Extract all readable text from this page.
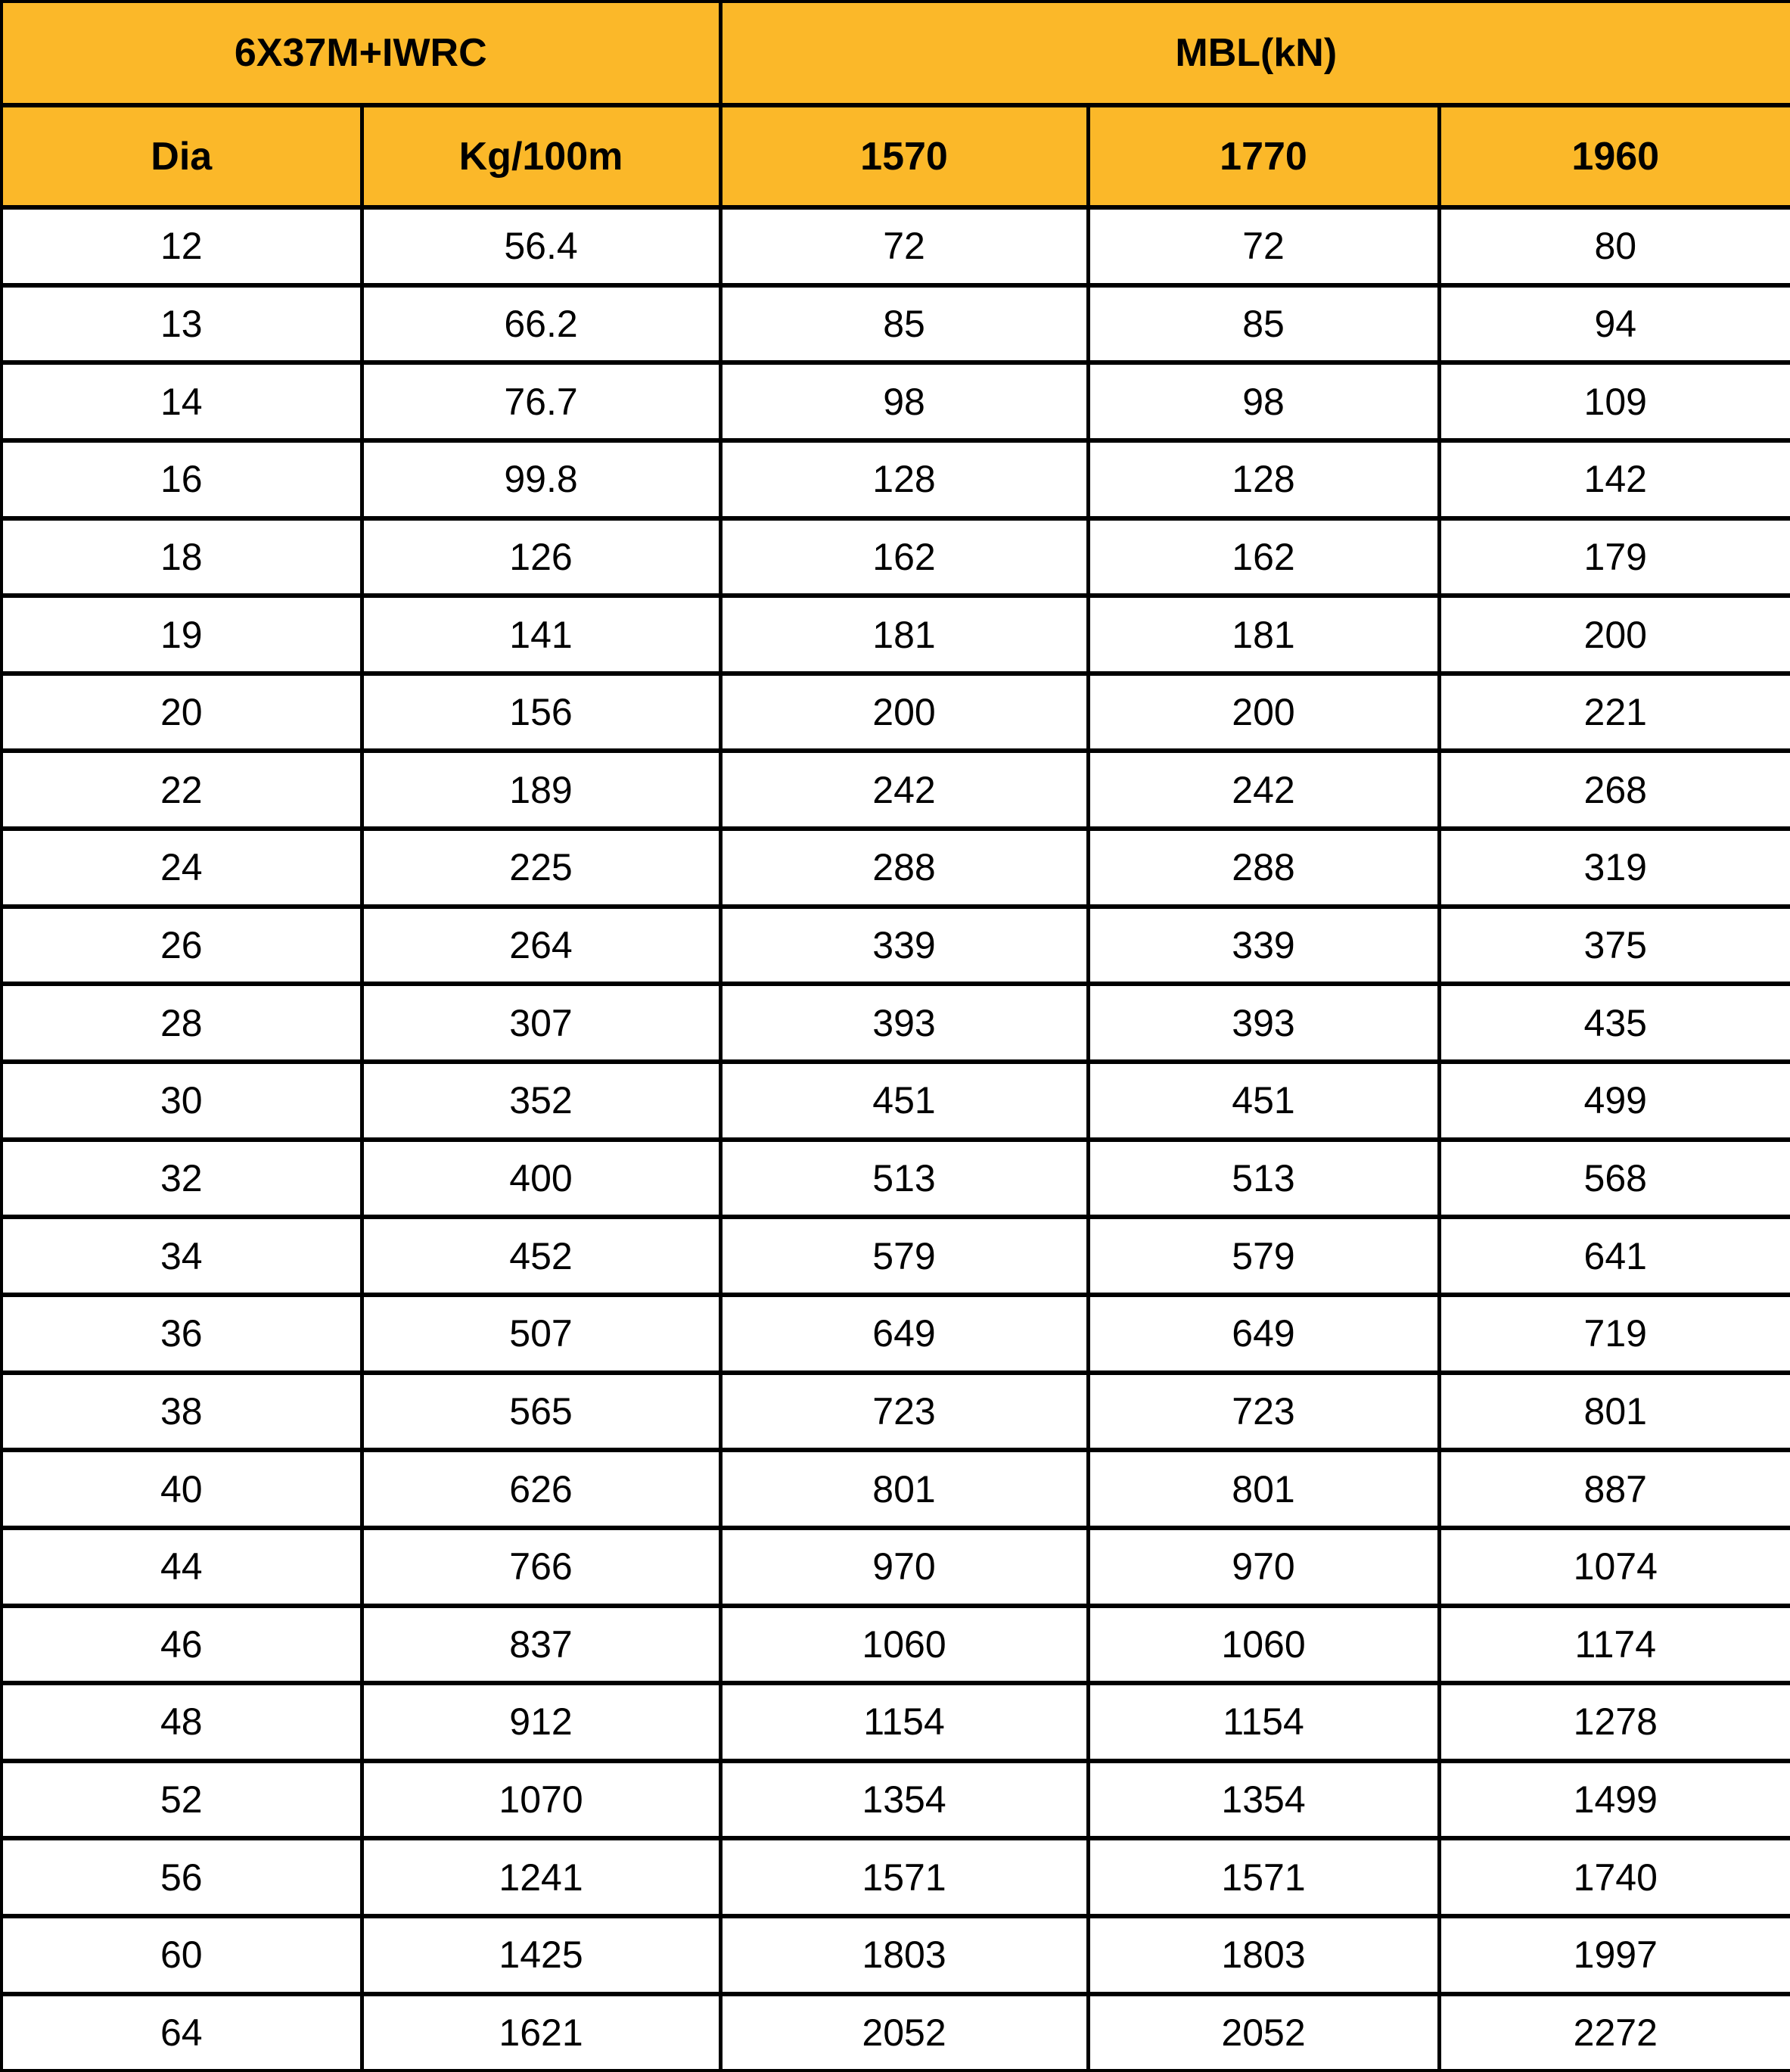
6X37M+IWRC		MBL(kN)		
Dia	Kg/100m	1570	1770	1960
12	56.4	72	72	80
13	66.2	85	85	94
14	76.7	98	98	109
16	99.8	128	128	142
18	126	162	162	179
19	141	181	181	200
20	156	200	200	221
22	189	242	242	268
24	225	288	288	319
26	264	339	339	375
28	307	393	393	435
30	352	451	451	499
32	400	513	513	568
34	452	579	579	641
36	507	649	649	719
38	565	723	723	801
40	626	801	801	887
44	766	970	970	1074
46	837	1060	1060	1174
48	912	1154	1154	1278
52	1070	1354	1354	1499
56	1241	1571	1571	1740
60	1425	1803	1803	1997
64	1621	2052	2052	2272
